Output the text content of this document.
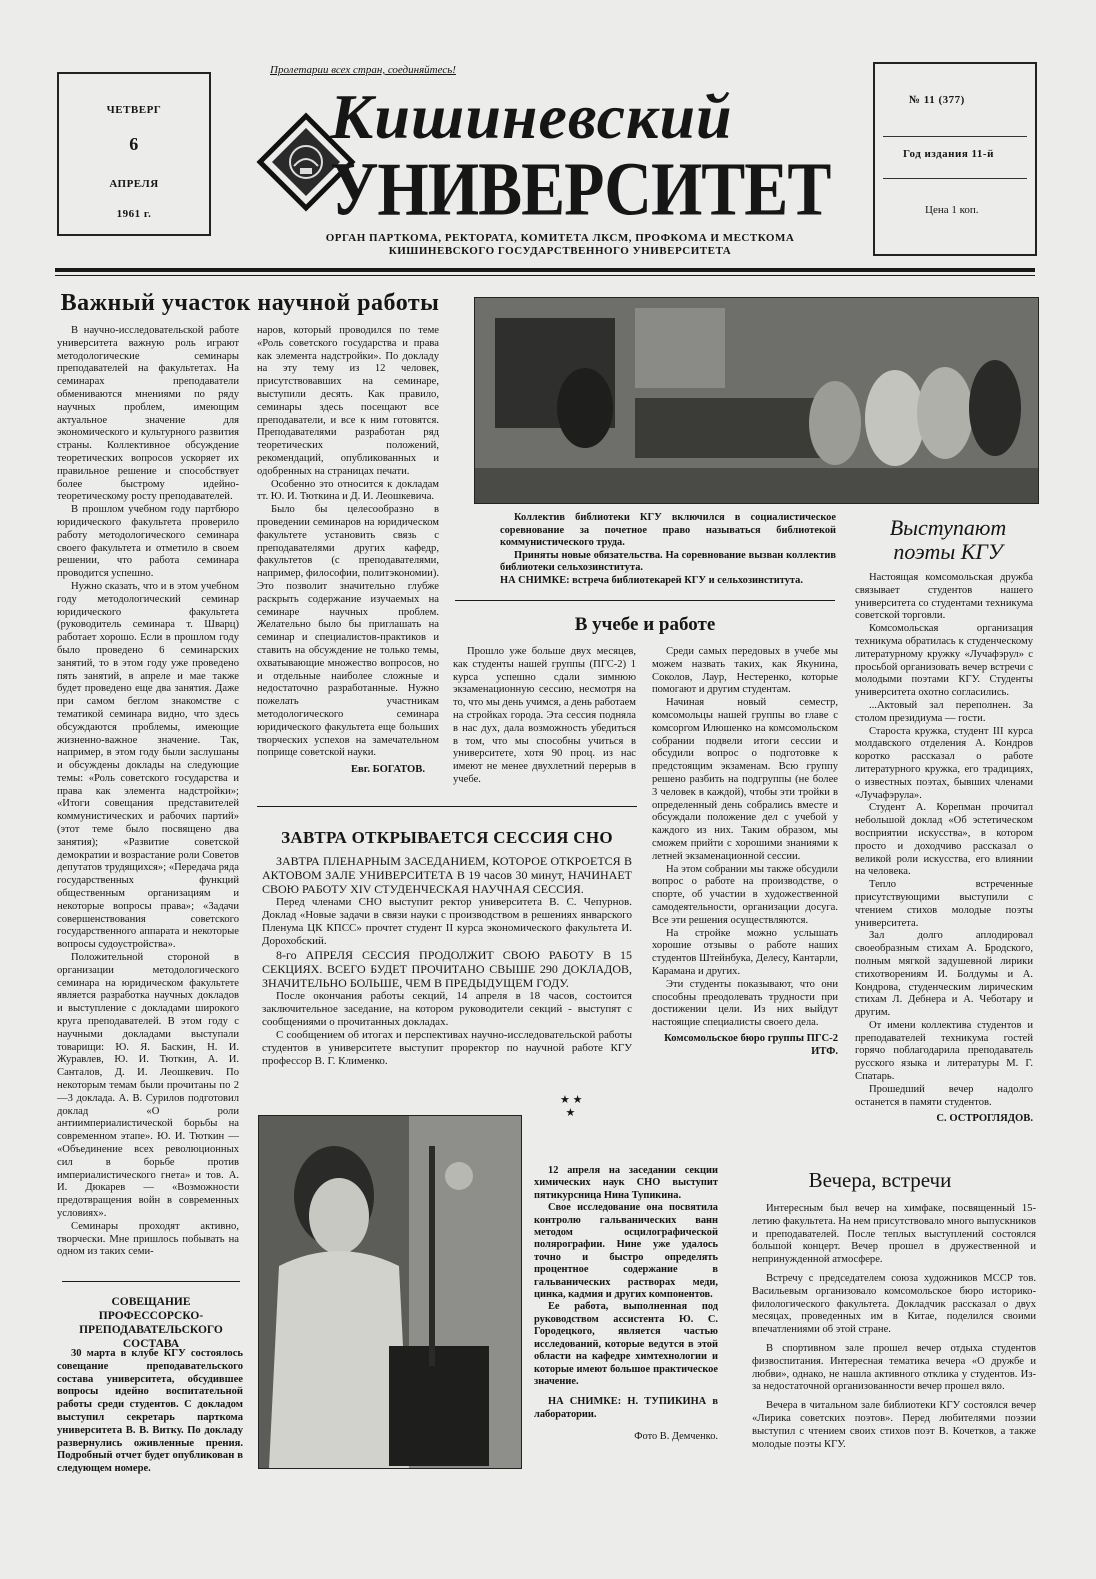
ЧЕТВЕРГ
6
АПРЕЛЯ
1961 г.
Пролетарии всех стран, соединяйтесь!
Кишиневский
УНИВЕРСИТЕТ
ОРГАН ПАРТКОМА, РЕКТОРАТА, КОМИТЕТА ЛКСМ, ПРОФКОМА И МЕСТКОМА
КИШИНЕВСКОГО ГОСУДАРСТВЕННОГО УНИВЕРСИТЕТА
№ 11 (377)
Год издания 11-й
Цена 1 коп.
Важный участок научной работы

В научно-исследовательской работе университета важную роль играют методологические семинары преподавателей на факультетах. На семинарах преподаватели обмениваются мнениями по ряду научных проблем, имеющим актуальное значение для экономического и культурного развития страны. Коллективное обсуждение теоретических вопросов ускоряет их правильное решение и способствует более быстрому идейно-теоретическому росту преподавателей.

В прошлом учебном году партбюро юридического факультета проверило работу методологического семинара своего факультета и отметило в своем решении, что работа семинара проводится успешно.

Нужно сказать, что и в этом учебном году методологический семинар юридического факультета (руководитель семинара т. Шварц) работает хорошо. Если в прошлом году было проведено 6 семинарских занятий, то в этом году уже проведено пять занятий, в апреле и мае также будет проведено еще два занятия. Даже при самом беглом знакомстве с тематикой семинара видно, что здесь обсуждаются проблемы, имеющие жизненно-важное значение. Так, например, в этом году были заслушаны и обсуждены доклады на следующие темы: «Роль советского государства и права как элемента надстройки»; «Итоги совещания представителей коммунистических и рабочих партий» (этот теме было посвящено два занятия); «Развитие советской демократии и возрастание роли Советов депутатов трудящихся»; «Передача ряда государственных функций общественным организациям и некоторые вопросы права»; «Задачи совершенствования советского государственного аппарата и некоторые вопросы судоустройства».

Положительной стороной в организации методологического семинара на юридическом факультете является разработка научных докладов и выступление с докладами широкого круга преподавателей. В этом году с научными докладами выступали товарищи: Ю. Я. Баскин, Н. И. Журавлев, Ю. И. Тюткин, А. И. Санталов, Д. И. Леошкевич. По некоторым темам были прочитаны по 2—3 доклада. А. В. Сурилов подготовил доклад «О роли антиимпериалистической борьбы на современном этапе». Ю. И. Тюткин — «Объединение всех революционных сил в борьбе против империалистического гнета» и тов. А. И. Дюкарев — «Возможности предотвращения войн в современных условиях».

Семинары проходят активно, творчески. Мне пришлось побывать на одном из таких семи-

наров, который проводился по теме «Роль советского государства и права как элемента надстройки». По докладу на эту тему из 12 человек, присутствовавших на семинаре, выступили десять. Как правило, семинары здесь посещают все преподаватели, и все к ним готовятся. Преподавателями разработан ряд теоретических положений, рекомендаций, опубликованных и одобренных на страницах печати.

Особенно это относится к докладам тт. Ю. И. Тюткина и Д. И. Леошкевича.

Было бы целесообразно в проведении семинаров на юридическом факультете установить связь с преподавателями других кафедр, факультетов (с преподавателями, например, философии, политэкономии). Это позволит значительно глубже раскрыть содержание изучаемых на семинаре научных проблем. Желательно было бы приглашать на семинар и специалистов-практиков и ставить на обсуждение не только темы, охватывающие множество вопросов, но и отдельные наиболее сложные и недостаточно разработанные. Нужно пожелать участникам методологического семинара юридического факультета еще больших творческих успехов на замечательном поприще советской науки.

Евг. БОГАТОВ.

Коллектив библиотеки КГУ включился в социалистическое соревнование за почетное право называться библиотекой коммунистического труда.

Приняты новые обязательства. На соревнование вызван коллектив библиотеки сельхозинститута.

НА СНИМКЕ: встреча библиотекарей КГУ и сельхозинститута.

Выступают поэты КГУ

Настоящая комсомольская дружба связывает студентов нашего университета со студентами техникума советской торговли.

Комсомольская организация техникума обратилась к студенческому литературному кружку «Лучафэрул» с просьбой организовать вечер встречи с молодыми поэтами КГУ. Студенты университета охотно согласились.

...Актовый зал переполнен. За столом президиума — гости.

Староста кружка, студент III курса молдавского отделения А. Кондров коротко рассказал о работе литературного кружка, его традициях, о известных поэтах, бывших членами «Лучафэрула».

Студент А. Корепман прочитал небольшой доклад «Об эстетическом восприятии искусства», в котором просто и доходчиво рассказал о великой роли искусства, его влиянии на человека.

Тепло встреченные присутствующими выступили с чтением стихов молодые поэты университета.

Зал долго аплодировал своеобразным стихам А. Бродского, полным мягкой задушевной лирики стихотворениям И. Болдумы и А. Кондрова, студенческим лирическим стихам Л. Дебнера и А. Чеботару и другим.

От имени коллектива студентов и преподавателей техникума гостей горячо поблагодарила преподаватель русского языка и литературы М. Г. Спатарь.

Прошедший вечер надолго останется в памяти студентов.

С. ОСТРОГЛЯДОВ.
В учебе и работе

Прошло уже больше двух месяцев, как студенты нашей группы (ПГС-2) 1 курса успешно сдали зимнюю экзаменационную сессию, несмотря на то, что мы день учимся, а день работаем на стройках города. Эта сессия подняла в нас дух, дала возможность убедиться в том, что мы способны учиться в университете, хотя 90 проц. из нас имеют не менее двухлетний перерыв в учебе.

Среди самых передовых в учебе мы можем назвать таких, как Якунина, Соколов, Лаур, Нестеренко, которые помогают и другим студентам.

Начиная новый семестр, комсомольцы нашей группы во главе с комсоргом Илюшенко на комсомольском собрании подвели итоги сессии и обсудили вопрос о подготовке к предстоящим экзаменам. Всю группу решено разбить на подгруппы (не более 3 человек в каждой), чтобы эти тройки в определенный день собрались вместе и обсуждали положение дел с учебой у каждого из них. Таким образом, мы сможем прийти с хорошими знаниями к летней экзаменационной сессии.

На этом собрании мы также обсудили вопрос о работе на производстве, о спорте, об участии в художественной самодеятельности, организации досуга. Все эти решения осуществляются.

На стройке можно услышать хорошие отзывы о работе наших студентов Штейнбука, Делесу, Кантарли, Карамана и других.

Эти студенты показывают, что они способны преодолевать трудности при достижении цели. Из них выйдут настоящие специалисты своего дела.

Комсомольское бюро группы ПГС-2 ИТФ.
ЗАВТРА ОТКРЫВАЕТСЯ СЕССИЯ СНО

ЗАВТРА ПЛЕНАРНЫМ ЗАСЕДАНИЕМ, КОТОРОЕ ОТКРОЕТСЯ В АКТОВОМ ЗАЛЕ УНИВЕРСИТЕТА В 19 часов 30 минут, НАЧИНАЕТ СВОЮ РАБОТУ XIV СТУДЕНЧЕСКАЯ НАУЧНАЯ СЕССИЯ.

Перед членами СНО выступит ректор университета В. С. Чепурнов. Доклад «Новые задачи в связи науки с производством в решениях январского Пленума ЦК КПСС» прочтет студент II курса экономического факультета И. Дорохобский.

8-го АПРЕЛЯ СЕССИЯ ПРОДОЛЖИТ СВОЮ РАБОТУ В 15 СЕКЦИЯХ. ВСЕГО БУДЕТ ПРОЧИТАНО СВЫШЕ 290 ДОКЛАДОВ, ЗНАЧИТЕЛЬНО БОЛЬШЕ, ЧЕМ В ПРЕДЫДУЩЕМ ГОДУ.

После окончания работы секций, 14 апреля в 18 часов, состоится заключительное заседание, на котором руководители секций - выступят с сообщениями о прочитанных докладах.

С сообщением об итогах и перспективах научно-исследовательской работы студентов в университете выступит проректор по научной работе КГУ профессор В. Г. Клименко.

★ ★
★

12 апреля на заседании секции химических наук СНО выступит пятикурсница Нина Тупикина.

Свое исследование она посвятила контролю гальванических ванн методом осцилографической полярографии. Нине уже удалось точно и быстро определять процентное содержание в гальванических растворах меди, цинка, кадмия и других компонентов.

Ее работа, выполненная под руководством ассистента Ю. С. Городецкого, является частью исследований, которые ведутся в этой области на кафедре химтехнологии и которые имеют большое практическое значение.

НА СНИМКЕ: Н. ТУПИКИНА в лаборатории.

Фото В. Демченко.
Вечера, встречи

Интересным был вечер на химфаке, посвященный 15-летию факультета. На нем присутствовало много выпускников и преподавателей. После теплых выступлений состоялся большой концерт. Вечер прошел в дружественной и непринужденной атмосфере.

Встречу с председателем союза художников МССР тов. Васильевым организовало комсомольское бюро историко-филологического факультета. Докладчик рассказал о двух месяцах, проведенных им в Китае, поделился своими впечатлениями об этой стране.

В спортивном зале прошел вечер отдыха студентов физвоспитания. Интересная тематика вечера «О дружбе и любви», однако, не нашла активного отклика у студентов. Из-за недостаточной организованности вечер прошел вяло.

Вечера в читальном зале библиотеки КГУ состоялся вечер «Лирика советских поэтов». Перед любителями поэзии выступил с чтением своих стихов поэт В. Кочетков, а также молодые поэты КГУ.

СОВЕЩАНИЕ ПРОФЕССОРСКО-ПРЕПОДАВАТЕЛЬСКОГО СОСТАВА

30 марта в клубе КГУ состоялось совещание преподавательского состава университета, обсудившее вопросы идейно воспитательной работы среди студентов. С докладом выступил секретарь парткома университета В. В. Витку. По докладу развернулись оживленные прения. Подробный отчет будет опубликован в следующем номере.
